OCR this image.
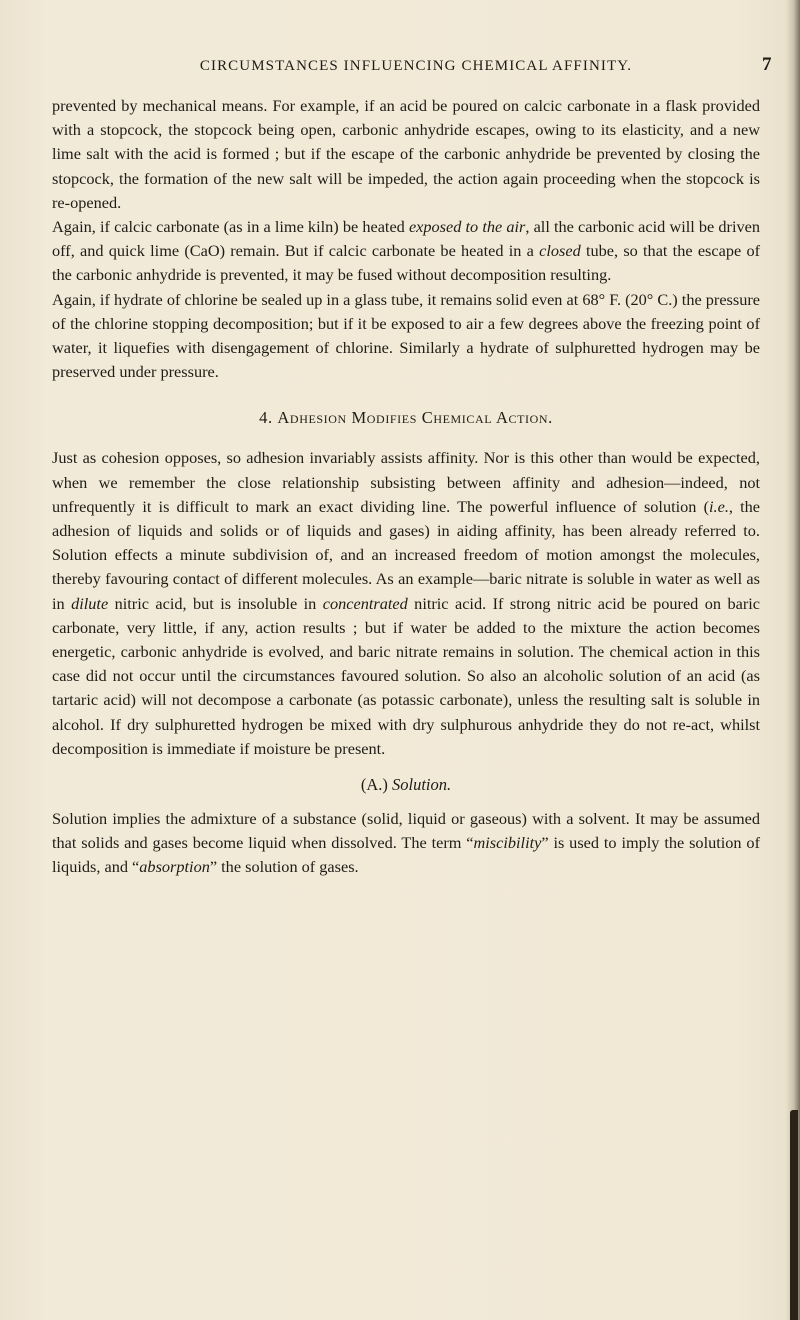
CIRCUMSTANCES INFLUENCING CHEMICAL AFFINITY.	7

prevented by mechanical means. For example, if an acid be poured on calcic carbonate in a flask provided with a stopcock, the stopcock being open, carbonic anhydride escapes, owing to its elasticity, and a new lime salt with the acid is formed ; but if the escape of the carbonic anhydride be prevented by closing the stopcock, the formation of the new salt will be impeded, the action again proceeding when the stopcock is re-opened.

Again, if calcic carbonate (as in a lime kiln) be heated exposed to the air, all the carbonic acid will be driven off, and quick lime (CaO) remain. But if calcic carbonate be heated in a closed tube, so that the escape of the carbonic anhydride is prevented, it may be fused without decomposition resulting.

Again, if hydrate of chlorine be sealed up in a glass tube, it remains solid even at 68° F. (20° C.) the pressure of the chlorine stopping decomposition; but if it be exposed to air a few degrees above the freezing point of water, it liquefies with disengagement of chlorine. Similarly a hydrate of sulphuretted hydrogen may be preserved under pressure.

4. Adhesion Modifies Chemical Action.

Just as cohesion opposes, so adhesion invariably assists affinity. Nor is this other than would be expected, when we remember the close relationship subsisting between affinity and adhesion—indeed, not unfrequently it is difficult to mark an exact dividing line. The powerful influence of solution (i.e., the adhesion of liquids and solids or of liquids and gases) in aiding affinity, has been already referred to. Solution effects a minute subdivision of, and an increased freedom of motion amongst the molecules, thereby favouring contact of different molecules. As an example—baric nitrate is soluble in water as well as in dilute nitric acid, but is insoluble in concentrated nitric acid. If strong nitric acid be poured on baric carbonate, very little, if any, action results ; but if water be added to the mixture the action becomes energetic, carbonic anhydride is evolved, and baric nitrate remains in solution. The chemical action in this case did not occur until the circumstances favoured solution. So also an alcoholic solution of an acid (as tartaric acid) will not decompose a carbonate (as potassic carbonate), unless the resulting salt is soluble in alcohol. If dry sulphuretted hydrogen be mixed with dry sulphurous anhydride they do not re-act, whilst decomposition is immediate if moisture be present.

(A.) Solution.

Solution implies the admixture of a substance (solid, liquid or gaseous) with a solvent. It may be assumed that solids and gases become liquid when dissolved. The term “miscibility” is used to imply the solution of liquids, and “absorption” the solution of gases.
